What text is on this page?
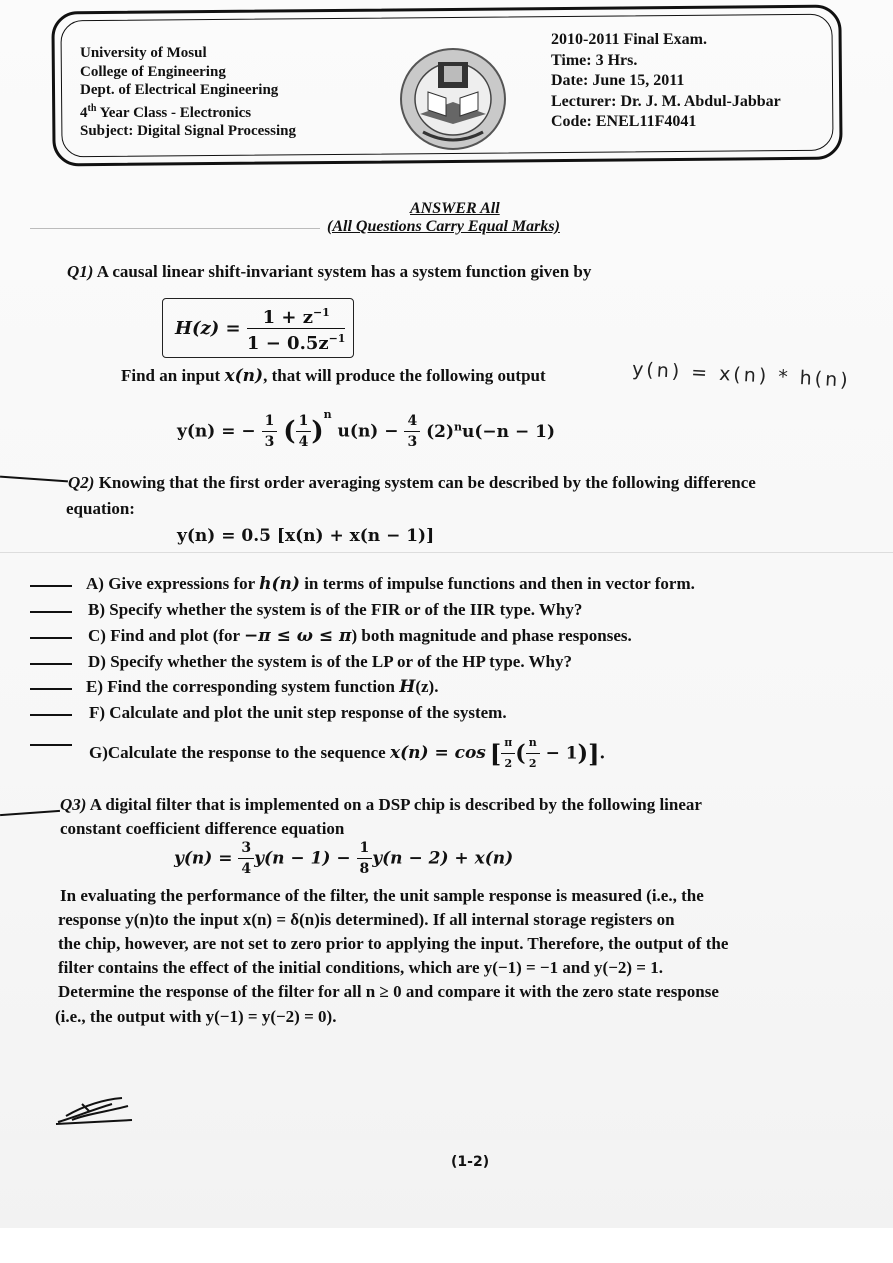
University of Mosul
College of Engineering
Dept. of Electrical Engineering
4th Year Class - Electronics
Subject: Digital Signal Processing
2010-2011 Final Exam.
Time: 3 Hrs.
Date: June 15, 2011
Lecturer: Dr. J. M. Abdul-Jabbar
Code: ENEL11F4041
ANSWER All
(All Questions Carry Equal Marks)
Q1) A causal linear shift-invariant system has a system function given by
$H(z) = \frac{1 + z^{-1}}{1 - 0.5z^{-1}}$
Find an input x(n), that will produce the following output	y(n) = x(n) * h(n)
y(n) = − $\frac{1}{3}$ ( $\frac{1}{4} )^n$ $u(n) - \frac{4}{3} (2)^nu(-n - 1)$
Q2) Knowing that the first order averaging system can be described by the following difference
equation:
y(n) = 0.5 [x(n) + x(n − 1)]
A) Give expressions for h(n) in terms of impulse functions and then in vector form.
B) Specify whether the system is of the FIR or of the IIR type. Why?
C) Find and plot (for −π ≤ ω ≤ π) both magnitude and phase responses.
D) Specify whether the system is of the LP or of the HP type. Why?
E) Find the corresponding system function H(z).
F) Calculate and plot the unit step response of the system.
G)Calculate the response to the sequence x(n) = cos [ $\frac{\pi}{2}$ ( $\frac{n}{2} - 1$)].
Q3) A digital filter that is implemented on a DSP chip is described by the following linear
constant coefficient difference equation
$y(n) = \frac{3}{4} y(n - 1) - \frac{1}{8} y(n - 2) + x(n)$
In evaluating the performance of the filter, the unit sample response is measured (i.e., the
response y(n)to the input x(n) = δ(n)is determined). If all internal storage registers on
the chip, however, are not set to zero prior to applying the input. Therefore, the output of the
filter contains the effect of the initial conditions, which are y(−1) = −1 and y(−2) = 1.
Determine the response of the filter for all n ≥ 0 and compare it with the zero state response
(i.e., the output with y(−1) = y(−2) = 0).
(1-2)
